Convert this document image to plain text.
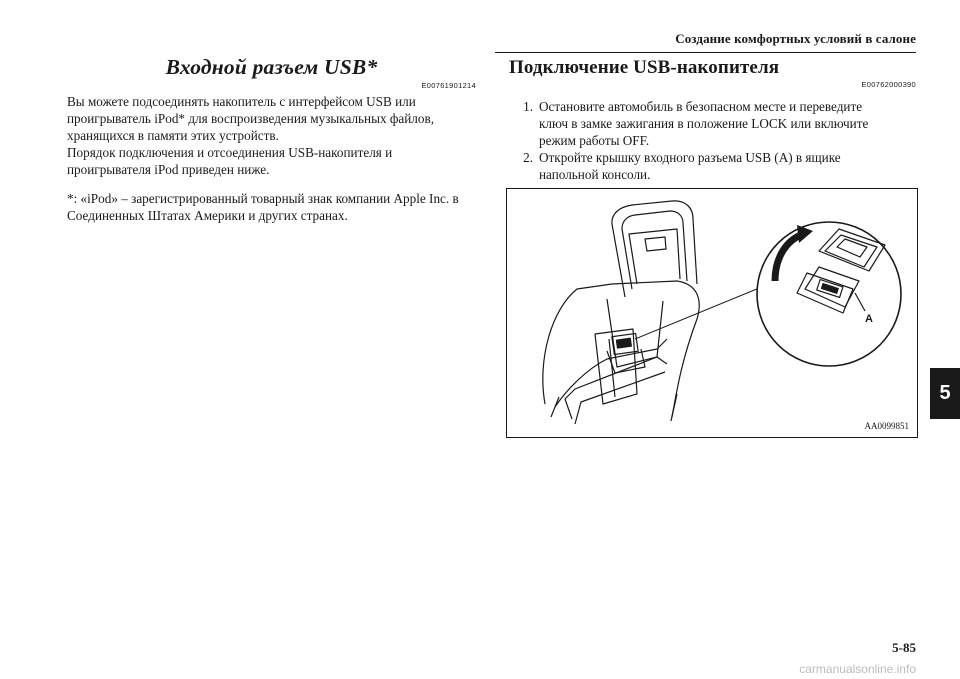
Создание комфортных условий в салоне
Входной разъем USB*
E00761901214

Вы можете подсоединять накопитель с интерфейсом USB или проигрыватель iPod* для воспроизведения музыкальных файлов, хранящихся в памяти этих устройств.

Порядок подключения и отсоединения USB-накопителя и проигрывателя iPod приведен ниже.

*: «iPod» – зарегистрированный товарный знак компании Apple Inc. в Соединенных Штатах Америки и других странах.

Подключение USB-накопителя
E00762000390
1. Остановите автомобиль в безопасном месте и переведите ключ в замке зажигания в положение LOCK или включите режим работы OFF.
2. Откройте крышку входного разъема USB (A) в ящике напольной консоли.
AA0099851
A
5
5-85
carmanualsonline.info
